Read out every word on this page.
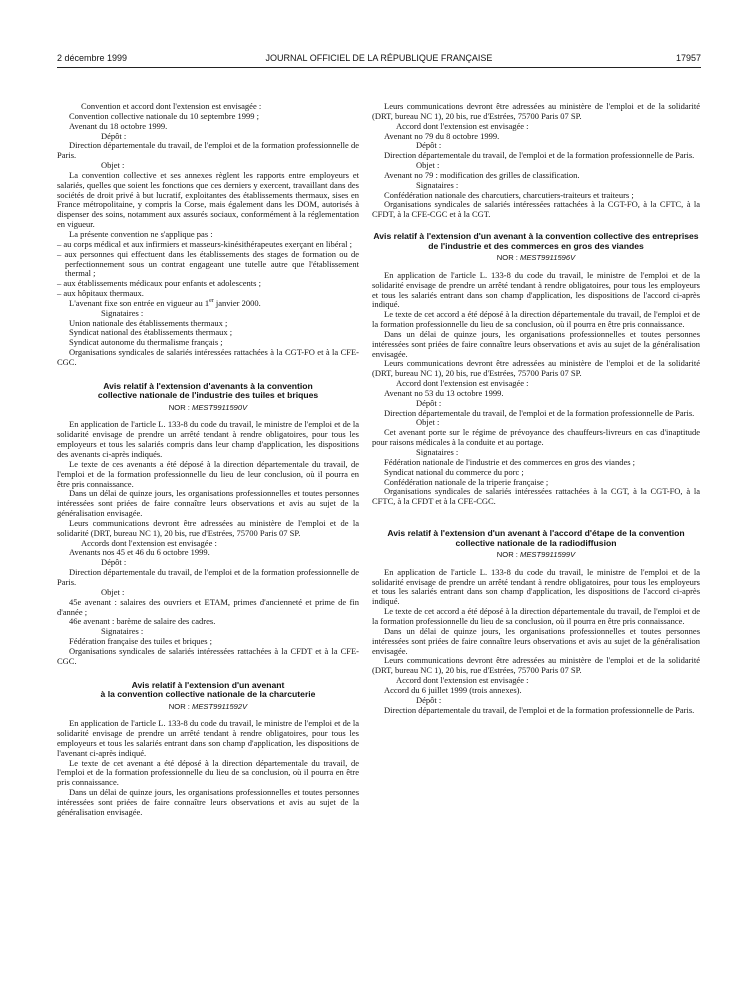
2 décembre 1999	JOURNAL OFFICIEL DE LA RÉPUBLIQUE FRANÇAISE	17957

Convention et accord dont l'extension est envisagée :

Convention collective nationale du 10 septembre 1999 ;

Avenant du 18 octobre 1999.

Dépôt :

Direction départementale du travail, de l'emploi et de la formation professionnelle de Paris.

Objet :

La convention collective et ses annexes règlent les rapports entre employeurs et salariés, quelles que soient les fonctions que ces derniers y exercent, travaillant dans des sociétés de droit privé à but lucratif, exploitantes des établissements thermaux, sises en France métropolitaine, y compris la Corse, mais également dans les DOM, autorisés à dispenser des soins, notamment aux assurés sociaux, conformément à la réglementation en vigueur.

La présente convention ne s'applique pas :

– au corps médical et aux infirmiers et masseurs-kinésithérapeutes exerçant en libéral ;

– aux personnes qui effectuent dans les établissements des stages de formation ou de perfectionnement sous un contrat engageant une tutelle autre que l'établissement thermal ;

– aux établissements médicaux pour enfants et adolescents ;

– aux hôpitaux thermaux.

L'avenant fixe son entrée en vigueur au 1er janvier 2000.

Signataires :

Union nationale des établissements thermaux ;

Syndicat national des établissements thermaux ;

Syndicat autonome du thermalisme français ;

Organisations syndicales de salariés intéressées rattachées à la CGT-FO et à la CFE-CGC.

Avis relatif à l'extension d'avenants à la convention
collective nationale de l'industrie des tuiles et briques
NOR : MEST9911590V

En application de l'article L. 133-8 du code du travail, le ministre de l'emploi et de la solidarité envisage de prendre un arrêté tendant à rendre obligatoires, pour tous les employeurs et tous les salariés compris dans leur champ d'application, les dispositions des avenants ci-après indiqués.

Le texte de ces avenants a été déposé à la direction départementale du travail, de l'emploi et de la formation professionnelle du lieu de leur conclusion, où il pourra en être pris connaissance.

Dans un délai de quinze jours, les organisations professionnelles et toutes personnes intéressées sont priées de faire connaître leurs observations et avis au sujet de la généralisation envisagée.

Leurs communications devront être adressées au ministère de l'emploi et de la solidarité (DRT, bureau NC 1), 20 bis, rue d'Estrées, 75700 Paris 07 SP.

Accords dont l'extension est envisagée :

Avenants nos 45 et 46 du 6 octobre 1999.

Dépôt :

Direction départementale du travail, de l'emploi et de la formation professionnelle de Paris.

Objet :

45e avenant : salaires des ouvriers et ETAM, primes d'ancienneté et prime de fin d'année ;

46e avenant : barème de salaire des cadres.

Signataires :

Fédération française des tuiles et briques ;

Organisations syndicales de salariés intéressées rattachées à la CFDT et à la CFE-CGC.

Avis relatif à l'extension d'un avenant
à la convention collective nationale de la charcuterie
NOR : MEST9911592V

En application de l'article L. 133-8 du code du travail, le ministre de l'emploi et de la solidarité envisage de prendre un arrêté tendant à rendre obligatoires, pour tous les employeurs et tous les salariés entrant dans son champ d'application, les dispositions de l'avenant ci-après indiqué.

Le texte de cet avenant a été déposé à la direction départementale du travail, de l'emploi et de la formation professionnelle du lieu de sa conclusion, où il pourra en être pris connaissance.

Dans un délai de quinze jours, les organisations professionnelles et toutes personnes intéressées sont priées de faire connaître leurs observations et avis au sujet de la généralisation envisagée.

Leurs communications devront être adressées au ministère de l'emploi et de la solidarité (DRT, bureau NC 1), 20 bis, rue d'Estrées, 75700 Paris 07 SP.

Accord dont l'extension est envisagée :

Avenant no 79 du 8 octobre 1999.

Dépôt :

Direction départementale du travail, de l'emploi et de la formation professionnelle de Paris.

Objet :

Avenant no 79 : modification des grilles de classification.

Signataires :

Confédération nationale des charcutiers, charcutiers-traiteurs et traiteurs ;

Organisations syndicales de salariés intéressées rattachées à la CGT-FO, à la CFTC, à la CFDT, à la CFE-CGC et à la CGT.

Avis relatif à l'extension d'un avenant à la convention collective des entreprises de l'industrie et des commerces en gros des viandes
NOR : MEST9911596V

En application de l'article L. 133-8 du code du travail, le ministre de l'emploi et de la solidarité envisage de prendre un arrêté tendant à rendre obligatoires, pour tous les employeurs et tous les salariés entrant dans son champ d'application, les dispositions de l'accord ci-après indiqué.

Le texte de cet accord a été déposé à la direction départementale du travail, de l'emploi et de la formation professionnelle du lieu de sa conclusion, où il pourra en être pris connaissance.

Dans un délai de quinze jours, les organisations professionnelles et toutes personnes intéressées sont priées de faire connaître leurs observations et avis au sujet de la généralisation envisagée.

Leurs communications devront être adressées au ministère de l'emploi et de la solidarité (DRT, bureau NC 1), 20 bis, rue d'Estrées, 75700 Paris 07 SP.

Accord dont l'extension est envisagée :

Avenant no 53 du 13 octobre 1999.

Dépôt :

Direction départementale du travail, de l'emploi et de la formation professionnelle de Paris.

Objet :

Cet avenant porte sur le régime de prévoyance des chauffeurs-livreurs en cas d'inaptitude pour raisons médicales à la conduite et au portage.

Signataires :

Fédération nationale de l'industrie et des commerces en gros des viandes ;

Syndicat national du commerce du porc ;

Confédération nationale de la triperie française ;

Organisations syndicales de salariés intéressées rattachées à la CGT, à la CGT-FO, à la CFTC, à la CFDT et à la CFE-CGC.

Avis relatif à l'extension d'un avenant à l'accord d'étape de la convention collective nationale de la radiodiffusion
NOR : MEST9911599V

En application de l'article L. 133-8 du code du travail, le ministre de l'emploi et de la solidarité envisage de prendre un arrêté tendant à rendre obligatoires, pour tous les employeurs et tous les salariés entrant dans son champ d'application, les dispositions de l'accord ci-après indiqué.

Le texte de cet accord a été déposé à la direction départementale du travail, de l'emploi et de la formation professionnelle du lieu de sa conclusion, où il pourra en être pris connaissance.

Dans un délai de quinze jours, les organisations professionnelles et toutes personnes intéressées sont priées de faire connaître leurs observations et avis au sujet de la généralisation envisagée.

Leurs communications devront être adressées au ministère de l'emploi et de la solidarité (DRT, bureau NC 1), 20 bis, rue d'Estrées, 75700 Paris 07 SP.

Accord dont l'extension est envisagée :

Accord du 6 juillet 1999 (trois annexes).

Dépôt :

Direction départementale du travail, de l'emploi et de la formation professionnelle de Paris.
